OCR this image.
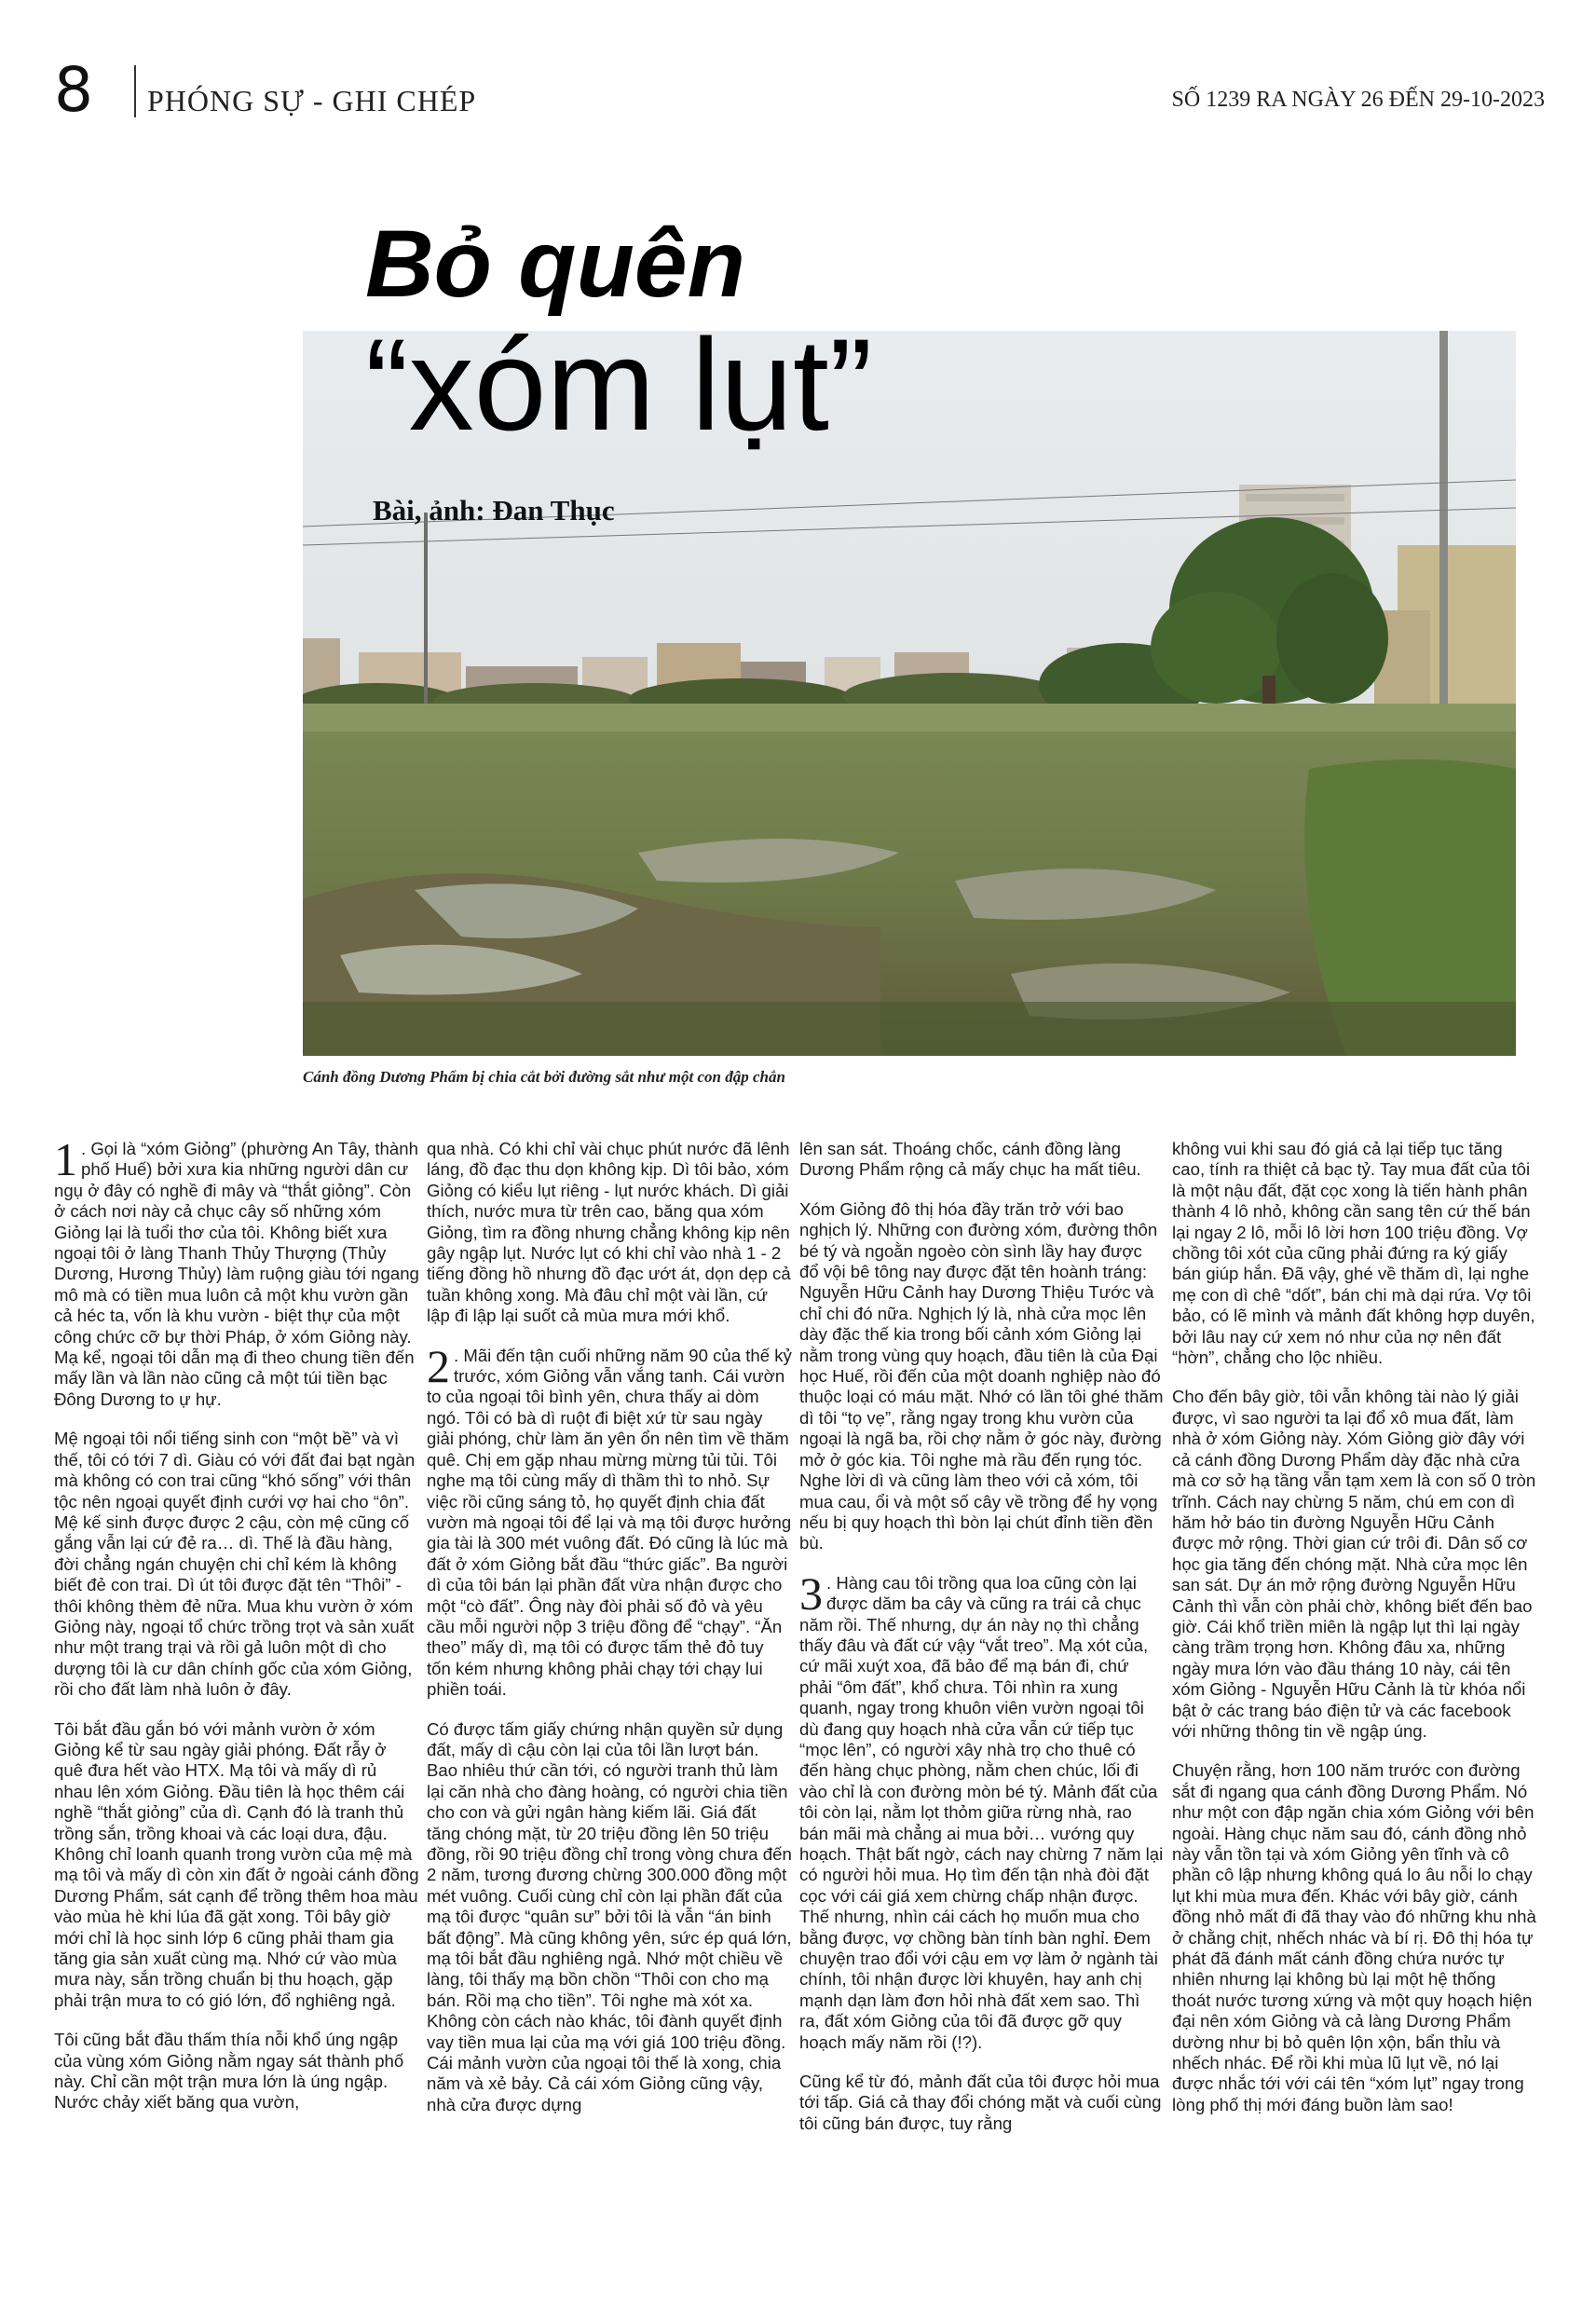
8 PHÓNG SỰ - GHI CHÉP	SỐ 1239 RA NGÀY 26 ĐẾN 29-10-2023
Bỏ quên
“xóm lụt”
Bài, ảnh: Đan Thục
Cánh đồng Dương Phẩm bị chia cắt bởi đường sắt như một con đập chắn

1 . Gọi là “xóm Giỏng” (phường An Tây, thành phố Huế) bởi xưa kia những người dân cư ngụ ở đây có nghề đi mây và “thắt giỏng”. Còn ở cách nơi này cả chục cây số những xóm Giỏng lại là tuổi thơ của tôi. Không biết xưa ngoại tôi ở làng Thanh Thủy Thượng (Thủy Dương, Hương Thủy) làm ruộng giàu tới ngang mô mà có tiền mua luôn cả một khu vườn gần cả héc ta, vốn là khu vườn - biệt thự của một công chức cỡ bự thời Pháp, ở xóm Giỏng này. Mạ kể, ngoại tôi dẫn mạ đi theo chung tiền đến mấy lần và lần nào cũng cả một túi tiền bạc Đông Dương to ự hự.

Mệ ngoại tôi nổi tiếng sinh con “một bề” và vì thế, tôi có tới 7 dì. Giàu có với đất đai bạt ngàn mà không có con trai cũng “khó sống” với thân tộc nên ngoại quyết định cưới vợ hai cho “ôn”. Mệ kế sinh được được 2 cậu, còn mệ cũng cố gắng vẫn lại cứ đẻ ra… dì. Thế là đầu hàng, đời chẳng ngán chuyện chi chỉ kém là không biết đẻ con trai. Dì út tôi được đặt tên “Thôi” - thôi không thèm đẻ nữa. Mua khu vườn ở xóm Giỏng này, ngoại tổ chức trồng trọt và sản xuất như một trang trại và rồi gả luôn một dì cho dượng tôi là cư dân chính gốc của xóm Giỏng, rồi cho đất làm nhà luôn ở đây.

Tôi bắt đầu gắn bó với mảnh vườn ở xóm Giỏng kể từ sau ngày giải phóng. Đất rẫy ở quê đưa hết vào HTX. Mạ tôi và mấy dì rủ nhau lên xóm Giỏng. Đầu tiên là học thêm cái nghề “thắt giỏng” của dì. Cạnh đó là tranh thủ trồng sắn, trồng khoai và các loại dưa, đậu. Không chỉ loanh quanh trong vườn của mệ mà mạ tôi và mấy dì còn xin đất ở ngoài cánh đồng Dương Phẩm, sát cạnh để trồng thêm hoa màu vào mùa hè khi lúa đã gặt xong. Tôi bây giờ mới chỉ là học sinh lớp 6 cũng phải tham gia tăng gia sản xuất cùng mạ. Nhớ cứ vào mùa mưa này, sắn trồng chuẩn bị thu hoạch, gặp phải trận mưa to có gió lớn, đổ nghiêng ngả.

Tôi cũng bắt đầu thấm thía nỗi khổ úng ngập của vùng xóm Giỏng nằm ngay sát thành phố này. Chỉ cần một trận mưa lớn là úng ngập. Nước chảy xiết băng qua vườn,

qua nhà. Có khi chỉ vài chục phút nước đã lênh láng, đồ đạc thu dọn không kịp. Dì tôi bảo, xóm Giỏng có kiểu lụt riêng - lụt nước khách. Dì giải thích, nước mưa từ trên cao, băng qua xóm Giỏng, tìm ra đồng nhưng chẳng không kịp nên gây ngập lụt. Nước lụt có khi chỉ vào nhà 1 - 2 tiếng đồng hồ nhưng đồ đạc ướt át, dọn dẹp cả tuần không xong. Mà đâu chỉ một vài lần, cứ lập đi lập lại suốt cả mùa mưa mới khổ.

2 . Mãi đến tận cuối những năm 90 của thế kỷ trước, xóm Giỏng vẫn vắng tanh. Cái vườn to của ngoại tôi bình yên, chưa thấy ai dòm ngó. Tôi có bà dì ruột đi biệt xứ từ sau ngày giải phóng, chừ làm ăn yên ổn nên tìm về thăm quê. Chị em gặp nhau mừng mừng tủi tủi. Tôi nghe mạ tôi cùng mấy dì thầm thì to nhỏ. Sự việc rồi cũng sáng tỏ, họ quyết định chia đất vườn mà ngoại tôi để lại và mạ tôi được hưởng gia tài là 300 mét vuông đất. Đó cũng là lúc mà đất ở xóm Giỏng bắt đầu “thức giấc”. Ba người dì của tôi bán lại phần đất vừa nhận được cho một “cò đất”. Ông này đòi phải số đỏ và yêu cầu mỗi người nộp 3 triệu đồng để “chạy”. “Ăn theo” mấy dì, mạ tôi có được tấm thẻ đỏ tuy tốn kém nhưng không phải chạy tới chạy lui phiền toái.

Có được tấm giấy chứng nhận quyền sử dụng đất, mấy dì cậu còn lại của tôi lần lượt bán. Bao nhiêu thứ cần tới, có người tranh thủ làm lại căn nhà cho đàng hoàng, có người chia tiền cho con và gửi ngân hàng kiếm lãi. Giá đất tăng chóng mặt, từ 20 triệu đồng lên 50 triệu đồng, rồi 90 triệu đồng chỉ trong vòng chưa đến 2 năm, tương đương chừng 300.000 đồng một mét vuông. Cuối cùng chỉ còn lại phần đất của mạ tôi được “quân sư” bởi tôi là vẫn “án binh bất động”. Mà cũng không yên, sức ép quá lớn, mạ tôi bắt đầu nghiêng ngả. Nhớ một chiều về làng, tôi thấy mạ bồn chồn “Thôi con cho mạ bán. Rồi mạ cho tiền”. Tôi nghe mà xót xa. Không còn cách nào khác, tôi đành quyết định vay tiền mua lại của mạ với giá 100 triệu đồng. Cái mảnh vườn của ngoại tôi thế là xong, chia năm và xẻ bảy. Cả cái xóm Giỏng cũng vậy, nhà cửa được dựng

lên san sát. Thoáng chốc, cánh đồng làng Dương Phẩm rộng cả mấy chục ha mất tiêu.

Xóm Giỏng đô thị hóa đầy trăn trở với bao nghịch lý. Những con đường xóm, đường thôn bé tý và ngoằn ngoèo còn sình lầy hay được đổ vội bê tông nay được đặt tên hoành tráng: Nguyễn Hữu Cảnh hay Dương Thiệu Tước và chỉ chi đó nữa. Nghịch lý là, nhà cửa mọc lên dày đặc thế kia trong bối cảnh xóm Giỏng lại nằm trong vùng quy hoạch, đầu tiên là của Đại học Huế, rồi đến của một doanh nghiệp nào đó thuộc loại có máu mặt. Nhớ có lần tôi ghé thăm dì tôi “tọ vẹ”, rằng ngay trong khu vườn của ngoại là ngã ba, rồi chợ nằm ở góc này, đường mở ở góc kia. Tôi nghe mà rầu đến rụng tóc. Nghe lời dì và cũng làm theo với cả xóm, tôi mua cau, ổi và một số cây về trồng để hy vọng nếu bị quy hoạch thì bòn lại chút đỉnh tiền đền bù.

3 . Hàng cau tôi trồng qua loa cũng còn lại được dăm ba cây và cũng ra trái cả chục năm rồi. Thế nhưng, dự án này nọ thì chẳng thấy đâu và đất cứ vậy “vắt treo”. Mạ xót của, cứ mãi xuýt xoa, đã bảo để mạ bán đi, chứ phải “ôm đất”, khổ chưa. Tôi nhìn ra xung quanh, ngay trong khuôn viên vườn ngoại tôi dù đang quy hoạch nhà cửa vẫn cứ tiếp tục “mọc lên”, có người xây nhà trọ cho thuê có đến hàng chục phòng, nằm chen chúc, lối đi vào chỉ là con đường mòn bé tý. Mảnh đất của tôi còn lại, nằm lọt thỏm giữa rừng nhà, rao bán mãi mà chẳng ai mua bởi… vướng quy hoạch. Thật bất ngờ, cách nay chừng 7 năm lại có người hỏi mua. Họ tìm đến tận nhà đòi đặt cọc với cái giá xem chừng chấp nhận được. Thế nhưng, nhìn cái cách họ muốn mua cho bằng được, vợ chồng bàn tính bàn nghỉ. Đem chuyện trao đổi với cậu em vợ làm ở ngành tài chính, tôi nhận được lời khuyên, hay anh chị mạnh dạn làm đơn hỏi nhà đất xem sao. Thì ra, đất xóm Giỏng của tôi đã được gỡ quy hoạch mấy năm rồi (!?).

Cũng kể từ đó, mảnh đất của tôi được hỏi mua tới tấp. Giá cả thay đổi chóng mặt và cuối cùng tôi cũng bán được, tuy rằng

không vui khi sau đó giá cả lại tiếp tục tăng cao, tính ra thiệt cả bạc tỷ. Tay mua đất của tôi là một nậu đất, đặt cọc xong là tiến hành phân thành 4 lô nhỏ, không cần sang tên cứ thế bán lại ngay 2 lô, mỗi lô lời hơn 100 triệu đồng. Vợ chồng tôi xót của cũng phải đứng ra ký giấy bán giúp hắn. Đã vậy, ghé về thăm dì, lại nghe mẹ con dì chê “dốt”, bán chi mà dại rứa. Vợ tôi bảo, có lẽ mình và mảnh đất không hợp duyên, bởi lâu nay cứ xem nó như của nợ nên đất “hờn”, chẳng cho lộc nhiều.

Cho đến bây giờ, tôi vẫn không tài nào lý giải được, vì sao người ta lại đổ xô mua đất, làm nhà ở xóm Giỏng này. Xóm Giỏng giờ đây với cả cánh đồng Dương Phẩm dày đặc nhà cửa mà cơ sở hạ tầng vẫn tạm xem là con số 0 tròn trĩnh. Cách nay chừng 5 năm, chú em con dì hăm hở báo tin đường Nguyễn Hữu Cảnh được mở rộng. Thời gian cứ trôi đi. Dân số cơ học gia tăng đến chóng mặt. Nhà cửa mọc lên san sát. Dự án mở rộng đường Nguyễn Hữu Cảnh thì vẫn còn phải chờ, không biết đến bao giờ. Cái khổ triền miên là ngập lụt thì lại ngày càng trầm trọng hơn. Không đâu xa, những ngày mưa lớn vào đầu tháng 10 này, cái tên xóm Giỏng - Nguyễn Hữu Cảnh là từ khóa nổi bật ở các trang báo điện tử và các facebook với những thông tin về ngập úng.

Chuyện rằng, hơn 100 năm trước con đường sắt đi ngang qua cánh đồng Dương Phẩm. Nó như một con đập ngăn chia xóm Giỏng với bên ngoài. Hàng chục năm sau đó, cánh đồng nhỏ này vẫn tồn tại và xóm Giỏng yên tĩnh và cô phần cô lập nhưng không quá lo âu nỗi lo chạy lụt khi mùa mưa đến. Khác với bây giờ, cánh đồng nhỏ mất đi đã thay vào đó những khu nhà ở chằng chịt, nhếch nhác và bí rị. Đô thị hóa tự phát đã đánh mất cánh đồng chứa nước tự nhiên nhưng lại không bù lại một hệ thống thoát nước tương xứng và một quy hoạch hiện đại nên xóm Giỏng và cả làng Dương Phẩm dường như bị bỏ quên lộn xộn, bẩn thỉu và nhếch nhác. Để rồi khi mùa lũ lụt về, nó lại được nhắc tới với cái tên “xóm lụt” ngay trong lòng phố thị mới đáng buồn làm sao!
